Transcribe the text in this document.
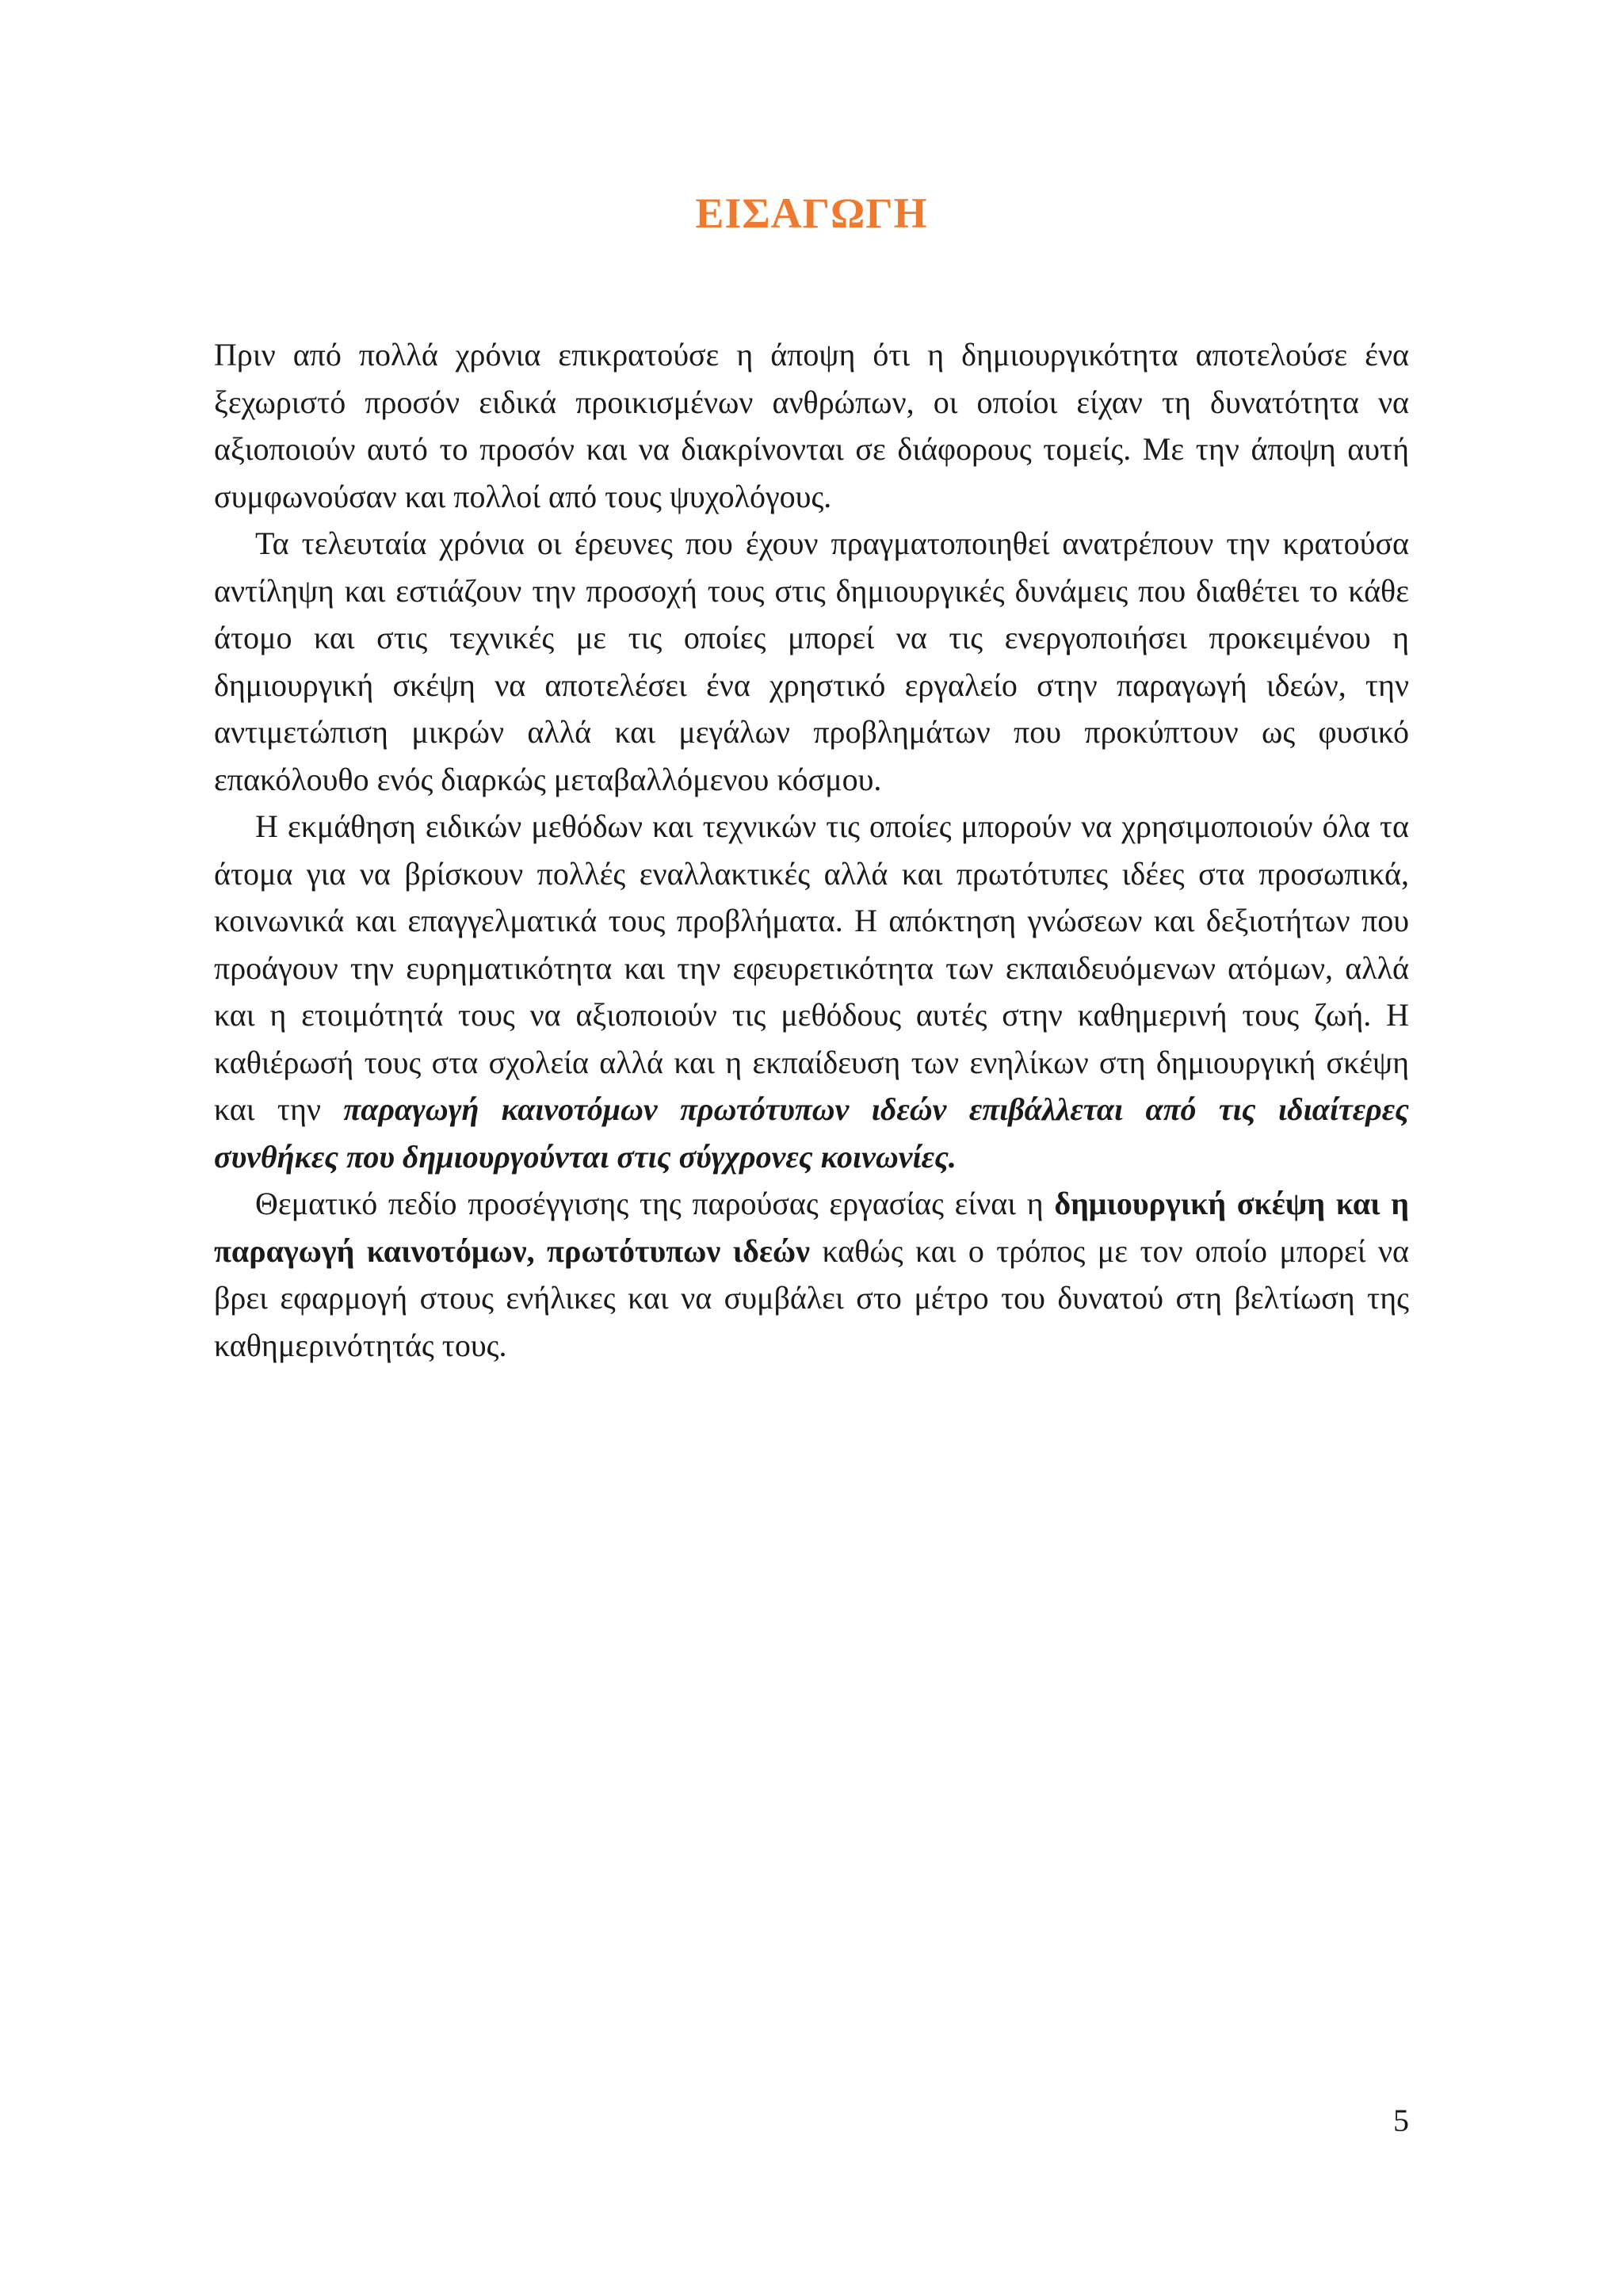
ΕΙΣΑΓΩΓΗ

Πριν από πολλά χρόνια επικρατούσε η άποψη ότι η δημιουργικότητα αποτελούσε ένα ξεχωριστό προσόν ειδικά προικισμένων ανθρώπων, οι οποίοι είχαν τη δυνατότητα να αξιοποιούν αυτό το προσόν και να διακρίνονται σε διάφορους τομείς. Με την άποψη αυτή συμφωνούσαν και πολλοί από τους ψυχολόγους.

Τα τελευταία χρόνια οι έρευνες που έχουν πραγματοποιηθεί ανατρέπουν την κρατούσα αντίληψη και εστιάζουν την προσοχή τους στις δημιουργικές δυνάμεις που διαθέτει το κάθε άτομο και στις τεχνικές με τις οποίες μπορεί να τις ενεργοποιήσει προκειμένου η δημιουργική σκέψη να αποτελέσει ένα χρηστικό εργαλείο στην παραγωγή ιδεών, την αντιμετώπιση μικρών αλλά και μεγάλων προβλημάτων που προκύπτουν ως φυσικό επακόλουθο ενός διαρκώς μεταβαλλόμενου κόσμου.

Η εκμάθηση ειδικών μεθόδων και τεχνικών τις οποίες μπορούν να χρησιμοποιούν όλα τα άτομα για να βρίσκουν πολλές εναλλακτικές αλλά και πρωτότυπες ιδέες στα προσωπικά, κοινωνικά και επαγγελματικά τους προβλήματα. Η απόκτηση γνώσεων και δεξιοτήτων που προάγουν την ευρηματικότητα και την εφευρετικότητα των εκπαιδευόμενων ατόμων, αλλά και η ετοιμότητά τους να αξιοποιούν τις μεθόδους αυτές στην καθημερινή τους ζωή. Η καθιέρωσή τους στα σχολεία αλλά και η εκπαίδευση των ενηλίκων στη δημιουργική σκέψη και την παραγωγή καινοτόμων πρωτότυπων ιδεών επιβάλλεται από τις ιδιαίτερες συνθήκες που δημιουργούνται στις σύγχρονες κοινωνίες.

Θεματικό πεδίο προσέγγισης της παρούσας εργασίας είναι η δημιουργική σκέψη και η παραγωγή καινοτόμων, πρωτότυπων ιδεών καθώς και ο τρόπος με τον οποίο μπορεί να βρει εφαρμογή στους ενήλικες και να συμβάλει στο μέτρο του δυνατού στη βελτίωση της καθημερινότητάς τους.

5
